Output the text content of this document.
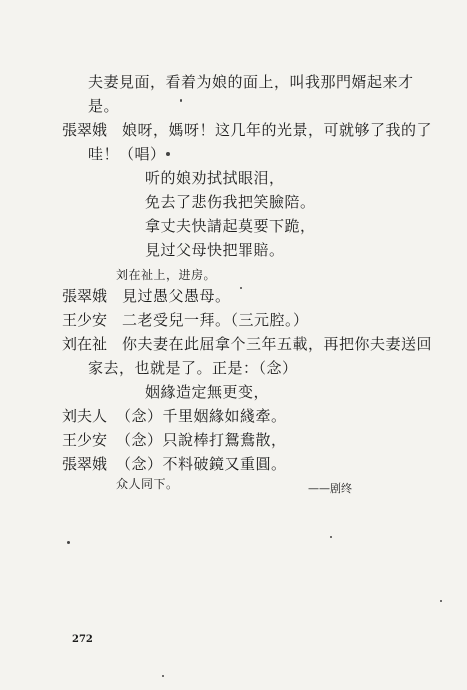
夫妻見面，看着为娘的面上，叫我那門婿起来才
是。
張翠娥 娘呀，媽呀！这几年的光景，可就够了我的了
哇！（唱）
听的娘劝拭拭眼泪，
免去了悲伤我把笑臉陪。
拿丈夫快請起莫要下跪，
見过父母快把罪賠。
刘在祉上，进房。
張翠娥 見过愚父愚母。
王少安 二老受兒一拜。（三元腔。）
刘在祉 你夫妻在此屈拿个三年五載，再把你夫妻送回
家去，也就是了。正是：（念）
姻緣造定無更变，
刘夫人 （念）千里姻緣如綫牽。
王少安 （念）只說棒打鴛鴦散，
張翠娥 （念）不料破鏡又重圓。
众人同下。	——剧终
272
